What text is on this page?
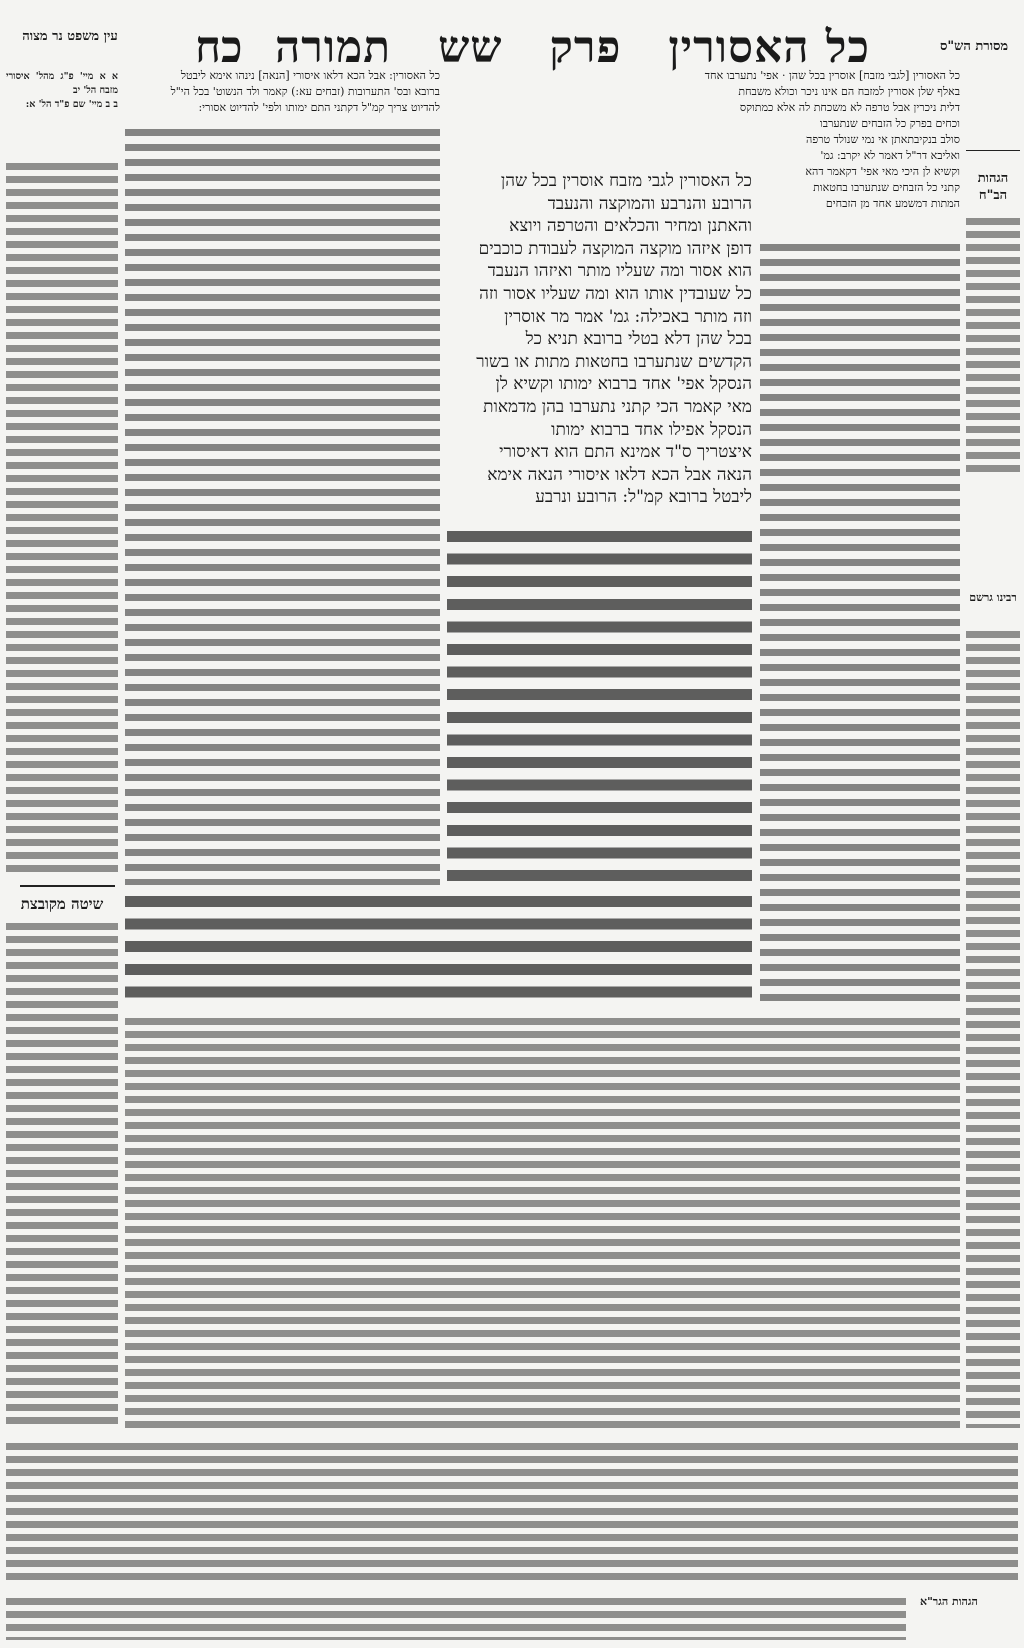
מסורת הש"ס
כל האסורין
פרק
שש
תמורה
כח
עין משפט נר מצוה
א א מיי' פ"ג מהל' איסורי מזבח הל' יב
ב ב מיי' שם פ"ד הל' א:
שיטה מקובצת
כל האסורין: אבל הכא דלאו איסורי [הנאה] נינהו אימא ליבטל
ברובא ובס' התערובות (זבחים עא:) קאמר ולד הנשוט' בכל הי"ל
להדיוט צריך קמ"ל דקתני התם ימותו ולפי' להדיוט אסורי:
כל האסורין לגבי מזבח אוסרין בכל שהן
הרובע והנרבע והמוקצה והנעבד
והאתנן ומחיר והכלאים והטרפה ויוצא
דופן איזהו מוקצה המוקצה לעבודת כוכבים
הוא אסור ומה שעליו מותר ואיזהו הנעבד
כל שעובדין אותו הוא ומה שעליו אסור וזה
וזה מותר באכילה: גמ' אמר מר אוסרין
בכל שהן דלא בטלי ברובא תניא כל
הקדשים שנתערבו בחטאות מתות או בשור
הנסקל אפי' אחד ברבוא ימותו וקשיא לן
מאי קאמר הכי קתני נתערבו בהן מדמאות
הנסקל אפילו אחד ברבוא ימותו
איצטריך ס"ד אמינא התם הוא דאיסורי
הנאה אבל הכא דלאו איסורי הנאה אימא
ליבטל ברובא קמ"ל: הרובע ונרבע
כל האסורין [לגבי מזבח] אוסרין בכל שהן · אפי' נתערבו אחד
באלף שלן אסורין למזבח הם אינו ניכר וכולא משבחת
דלית ניכרין אבל טרפה לא משכחת לה אלא כמתוקס
וכחים בפרק כל הזבחים שנתערבו
סולב בנקיבתאתן אי נמי שנולד טרפה
ואליבא דר"ל דאמר לא יקרב: גמ'
וקשיא לן היכי מאי אפי' דקאמר דהא
קתני כל הזבחים שנתערבו בחטאות
המתות דמשמע אחד מן הזבחים
הגהות הב"ח
רבינו גרשם
הגהות הגר"א
